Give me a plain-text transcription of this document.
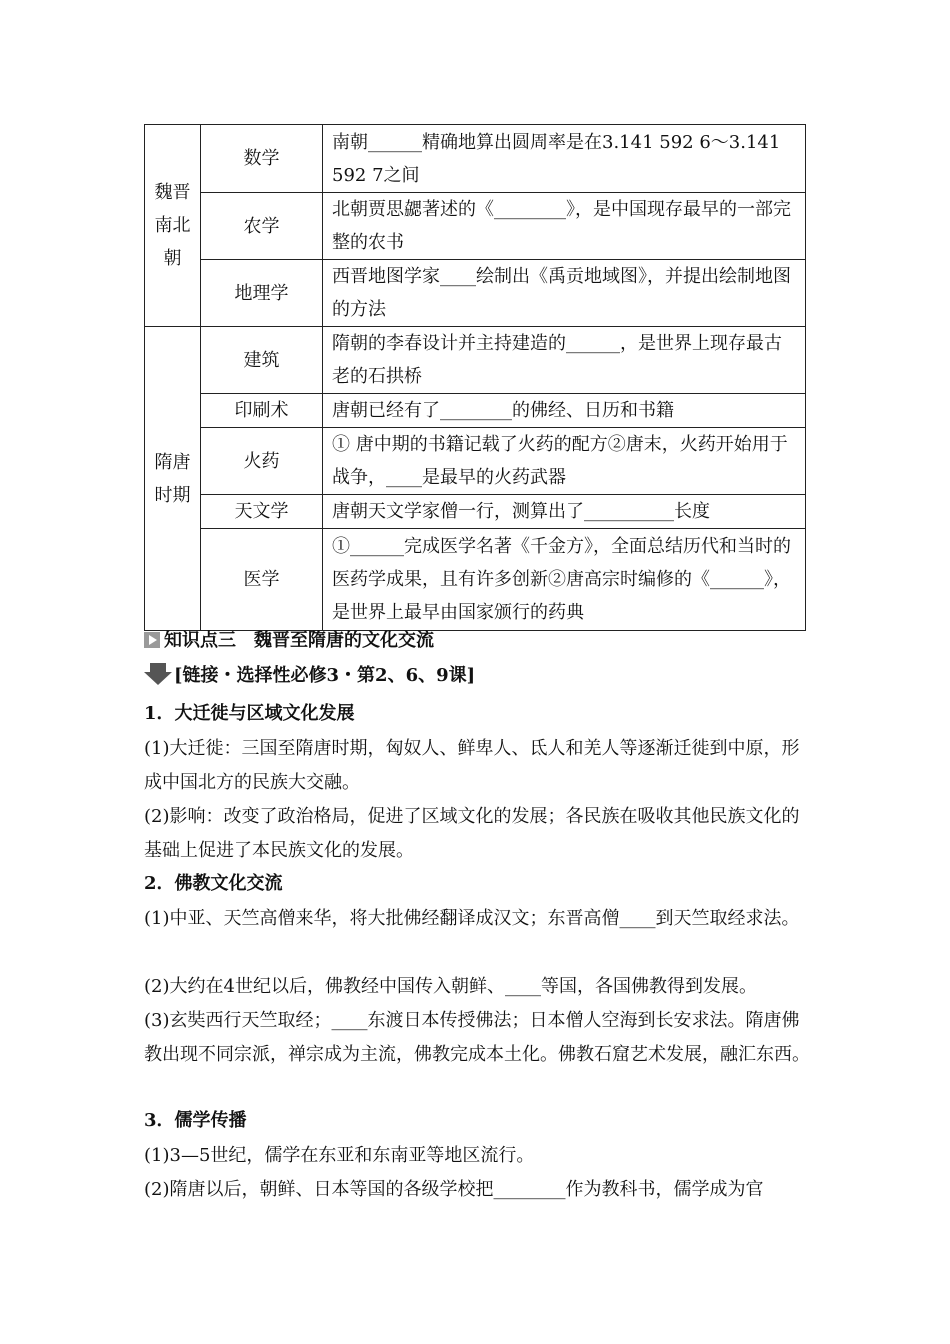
魏晋南北朝	数学	南朝______精确地算出圆周率是在3.141 592 6～3.141 592 7之间
	农学	北朝贾思勰著述的《________》，是中国现存最早的一部完整的农书
	地理学	西晋地图学家____绘制出《禹贡地域图》，并提出绘制地图的方法
隋唐时期	建筑	隋朝的李春设计并主持建造的______，是世界上现存最古老的石拱桥
	印刷术	唐朝已经有了________的佛经、日历和书籍
	火药	① 唐中期的书籍记载了火药的配方②唐末，火药开始用于战争，____是最早的火药武器
	天文学	唐朝天文学家僧一行，测算出了__________长度
	医学	①______完成医学名著《千金方》，全面总结历代和当时的医药学成果，且有许多创新②唐高宗时编修的《______》，是世界上最早由国家颁行的药典
知识点三　魏晋至隋唐的文化交流
[链接・选择性必修3・第2、6、9课]
1．大迁徙与区域文化发展
(1)大迁徙：三国至隋唐时期，匈奴人、鲜卑人、氐人和羌人等逐渐迁徙到中原，形成中国北方的民族大交融。
(2)影响：改变了政治格局，促进了区域文化的发展；各民族在吸收其他民族文化的基础上促进了本民族文化的发展。
2．佛教文化交流
(1)中亚、天竺高僧来华，将大批佛经翻译成汉文；东晋高僧____到天竺取经求法。
(2)大约在4世纪以后，佛教经中国传入朝鲜、____等国，各国佛教得到发展。
(3)玄奘西行天竺取经；____东渡日本传授佛法；日本僧人空海到长安求法。隋唐佛教出现不同宗派，禅宗成为主流，佛教完成本土化。佛教石窟艺术发展，融汇东西。
3．儒学传播
(1)3—5世纪，儒学在东亚和东南亚等地区流行。
(2)隋唐以后，朝鲜、日本等国的各级学校把________作为教科书，儒学成为官
